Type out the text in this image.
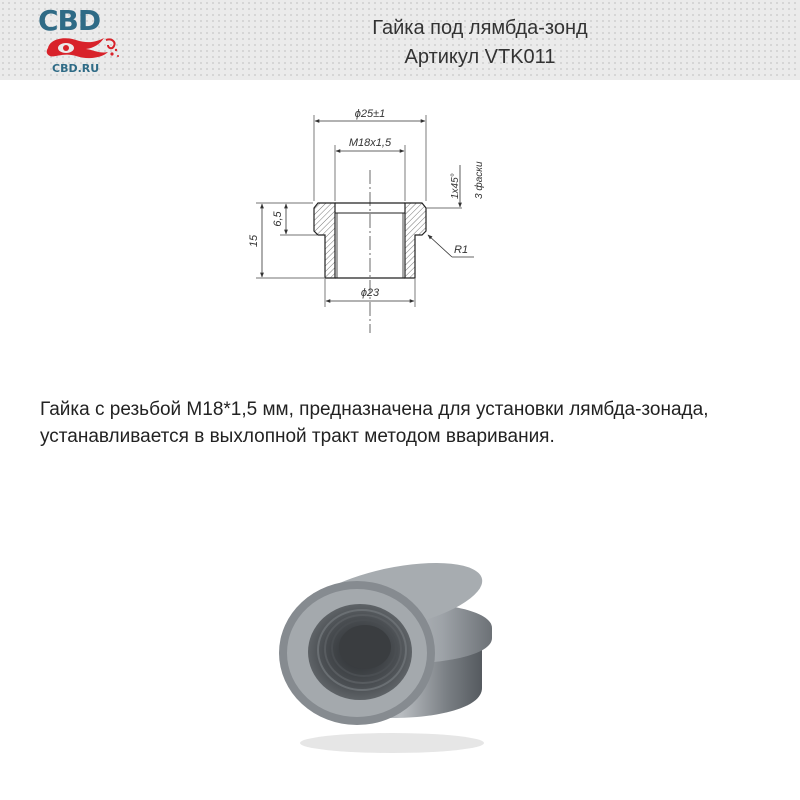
CBD
CBD.RU
Гайка под лямбда-зонд
Артикул VTK011
ϕ25±1
M18x1,5
1x45° 3 фаски
15
6,5
R1
ϕ23
Гайка с резьбой M18*1,5 мм, предназначена для установки лямбда-зонада, устанавливается в выхлопной тракт методом вваривания.
